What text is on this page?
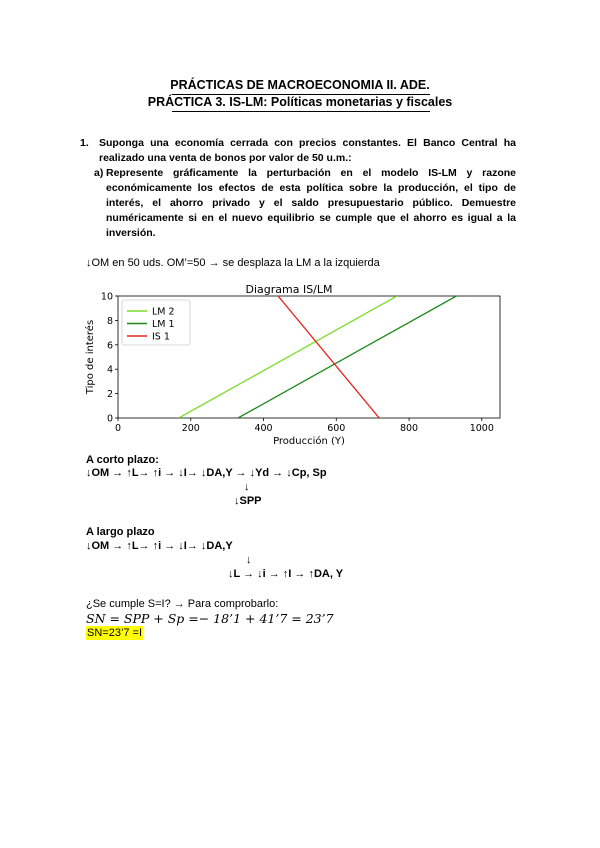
PRÁCTICAS DE MACROECONOMIA II. ADE.
PRÁCTICA 3. IS-LM: Políticas monetarias y fiscales
1. Suponga una economía cerrada con precios constantes. El Banco Central ha realizado una venta de bonos por valor de 50 u.m.:
a) Represente gráficamente la perturbación en el modelo IS-LM y razone económicamente los efectos de esta política sobre la producción, el tipo de interés, el ahorro privado y el saldo presupuestario público. Demuestre numéricamente si en el nuevo equilibrio se cumple que el ahorro es igual a la inversión.
↓OM en 50 uds. OM’=50 → se desplaza la LM a la izquierda
0	200	400	600	800	1000
0
2
4
6
8
10
Diagrama IS/LM
Producción (Y)
Tipo de interés
LM 2
LM 1
IS 1
A corto plazo:
↓OM → ↑L→ ↑i → ↓I→ ↓DA,Y → ↓Yd → ↓Cp, Sp
↓
↓SPP
A largo plazo
↓OM → ↑L→ ↑i → ↓I→ ↓DA,Y
↓
↓L → ↓i → ↑I → ↑DA, Y
¿Se cumple S=I? → Para comprobarlo:
SN = SPP + Sp =− 18’1 + 41’7 = 23’7
SN=23’7 =I
